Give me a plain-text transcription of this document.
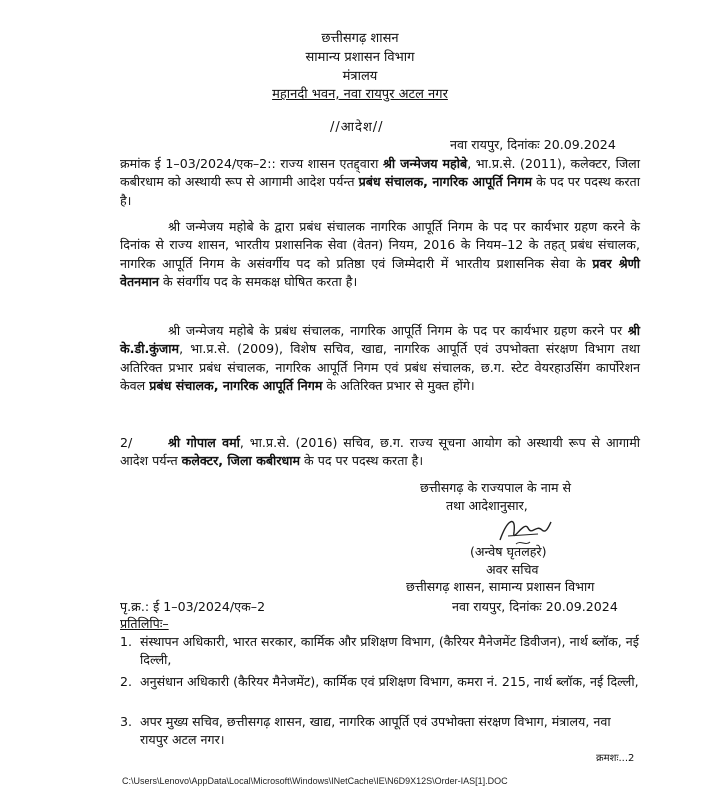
छत्तीसगढ़ शासन
सामान्य प्रशासन विभाग
मंत्रालय
महानदी भवन, नवा रायपुर अटल नगर
//आदेश//
नवा रायपुर, दिनांकः 20.09.2024

क्रमांक ई 1–03/2024/एक–2:: राज्य शासन एतद्द्वारा श्री जन्मेजय महोबे, भा.प्र.से. (2011), कलेक्टर, जिला कबीरधाम को अस्थायी रूप से आगामी आदेश पर्यन्त प्रबंध संचालक, नागरिक आपूर्ति निगम के पद पर पदस्थ करता है।

श्री जन्मेजय महोबे के द्वारा प्रबंध संचालक नागरिक आपूर्ति निगम के पद पर कार्यभार ग्रहण करने के दिनांक से राज्य शासन, भारतीय प्रशासनिक सेवा (वेतन) नियम, 2016 के नियम–12 के तहत् प्रबंध संचालक, नागरिक आपूर्ति निगम के असंवर्गीय पद को प्रतिष्ठा एवं जिम्मेदारी में भारतीय प्रशासनिक सेवा के प्रवर श्रेणी वेतनमान के संवर्गीय पद के समकक्ष घोषित करता है।

श्री जन्मेजय महोबे के प्रबंध संचालक, नागरिक आपूर्ति निगम के पद पर कार्यभार ग्रहण करने पर श्री के.डी.कुंजाम, भा.प्र.से. (2009), विशेष सचिव, खाद्य, नागरिक आपूर्ति एवं उपभोक्ता संरक्षण विभाग तथा अतिरिक्त प्रभार प्रबंध संचालक, नागरिक आपूर्ति निगम एवं प्रबंध संचालक, छ.ग. स्टेट वेयरहाउसिंग कार्पोरेशन केवल प्रबंध संचालक, नागरिक आपूर्ति निगम के अतिरिक्त प्रभार से मुक्त होंगे।

2/	श्री गोपाल वर्मा, भा.प्र.से. (2016) सचिव, छ.ग. राज्य सूचना आयोग को अस्थायी रूप से आगामी आदेश पर्यन्त कलेक्टर, जिला कबीरधाम के पद पर पदस्थ करता है।

छत्तीसगढ़ के राज्यपाल के नाम से
तथा आदेशानुसार,
(अन्वेष घृतलहरे)
अवर सचिव
छत्तीसगढ़ शासन, सामान्य प्रशासन विभाग
पृ.क्र.: ई 1–03/2024/एक–2	नवा रायपुर, दिनांकः 20.09.2024
प्रतिलिपिः–
1. संस्थापन अधिकारी, भारत सरकार, कार्मिक और प्रशिक्षण विभाग, (कैरियर मैनेजमेंट डिवीजन), नार्थ ब्लॉक, नई दिल्ली,
2. अनुसंधान अधिकारी (कैरियर मैनेजमेंट), कार्मिक एवं प्रशिक्षण विभाग, कमरा नं. 215, नार्थ ब्लॉक, नई दिल्ली,
3. अपर मुख्य सचिव, छत्तीसगढ़ शासन, खाद्य, नागरिक आपूर्ति एवं उपभोक्ता संरक्षण विभाग, मंत्रालय, नवा रायपुर अटल नगर।
क्रमशः...2
C:\Users\Lenovo\AppData\Local\Microsoft\Windows\INetCache\IE\N6D9X12S\Order-IAS[1].DOC
